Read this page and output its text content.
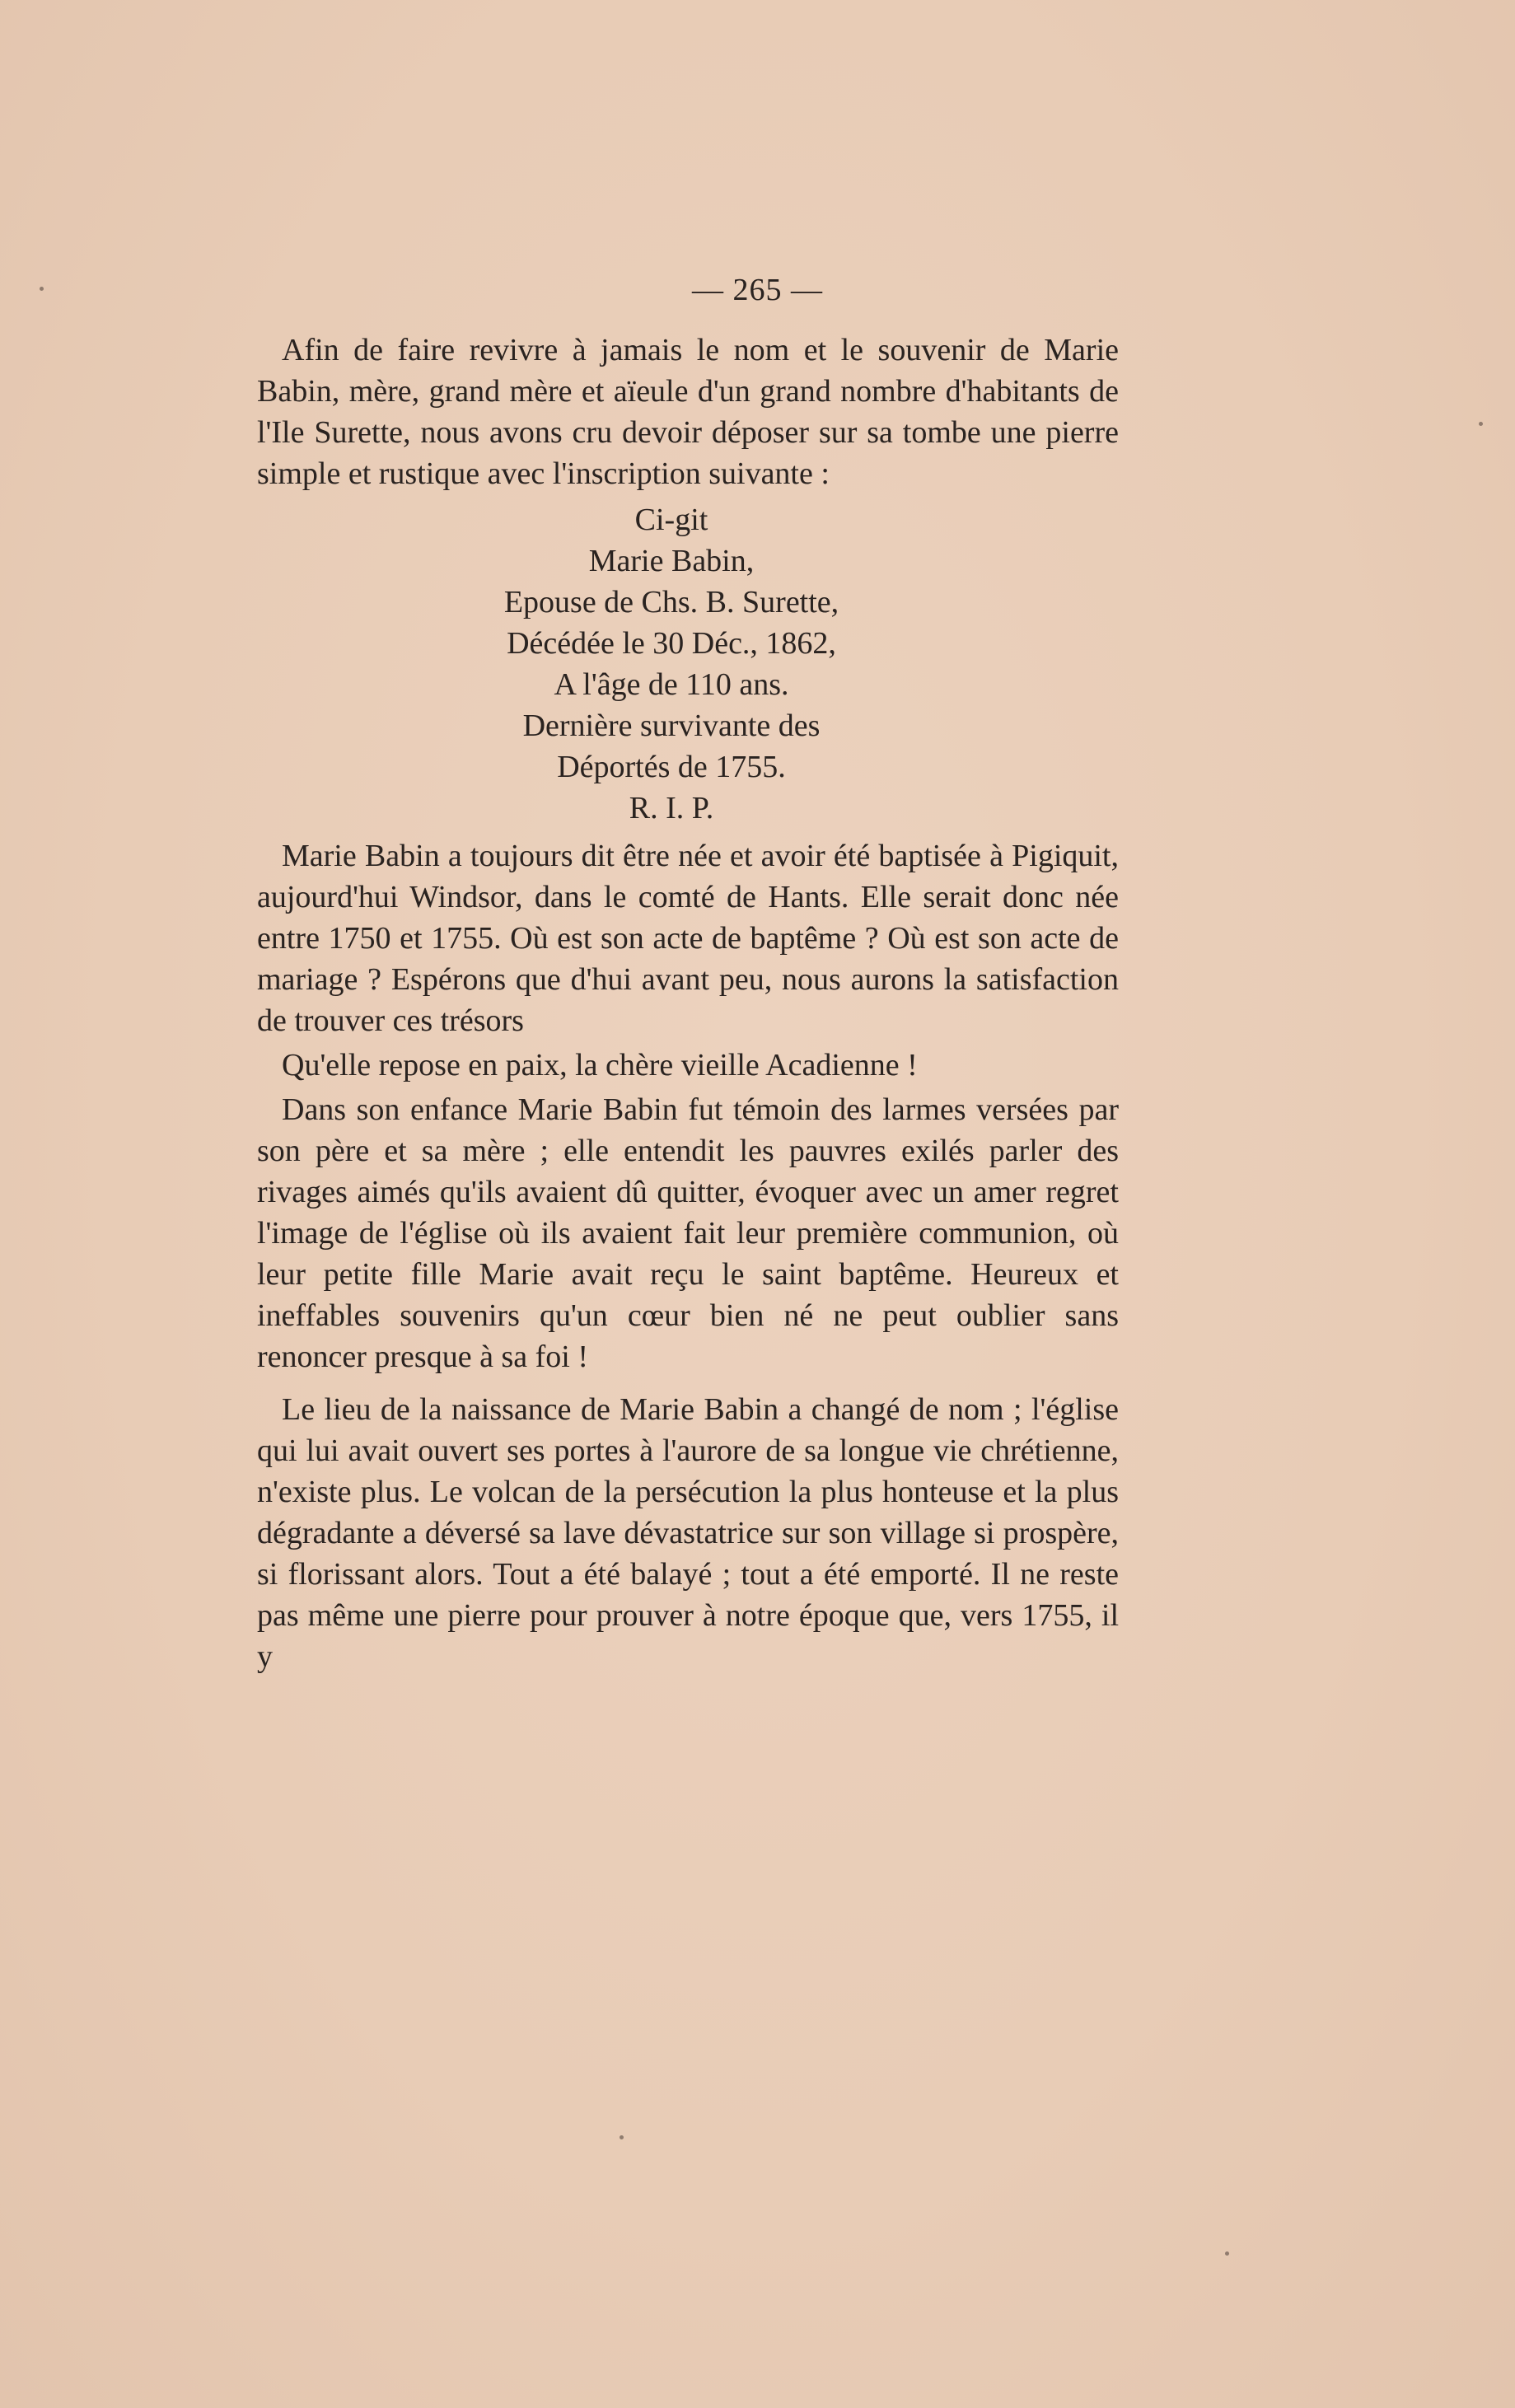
— 265 —

Afin de faire revivre à jamais le nom et le souvenir de Marie Babin, mère, grand mère et aïeule d'un grand nombre d'habitants de l'Ile Surette, nous avons cru devoir déposer sur sa tombe une pierre simple et rustique avec l'inscription suivante :

Ci-git
Marie Babin,
Epouse de Chs. B. Surette,
Décédée le 30 Déc., 1862,
A l'âge de 110 ans.
Dernière survivante des
Déportés de 1755.
R. I. P.

Marie Babin a toujours dit être née et avoir été baptisée à Pigiquit, aujourd'hui Windsor, dans le comté de Hants. Elle serait donc née entre 1750 et 1755. Où est son acte de baptême ? Où est son acte de mariage ? Espérons que d'hui avant peu, nous aurons la satisfaction de trouver ces trésors

Qu'elle repose en paix, la chère vieille Acadienne !

Dans son enfance Marie Babin fut témoin des larmes versées par son père et sa mère ; elle entendit les pauvres exilés parler des rivages aimés qu'ils avaient dû quitter, évoquer avec un amer regret l'image de l'église où ils avaient fait leur première communion, où leur petite fille Marie avait reçu le saint baptême. Heureux et ineffables souvenirs qu'un cœur bien né ne peut oublier sans renoncer presque à sa foi !

Le lieu de la naissance de Marie Babin a changé de nom ; l'église qui lui avait ouvert ses portes à l'aurore de sa longue vie chrétienne, n'existe plus. Le volcan de la persécution la plus honteuse et la plus dégradante a déversé sa lave dévastatrice sur son village si prospère, si florissant alors. Tout a été balayé ; tout a été emporté. Il ne reste pas même une pierre pour prouver à notre époque que, vers 1755, il y
